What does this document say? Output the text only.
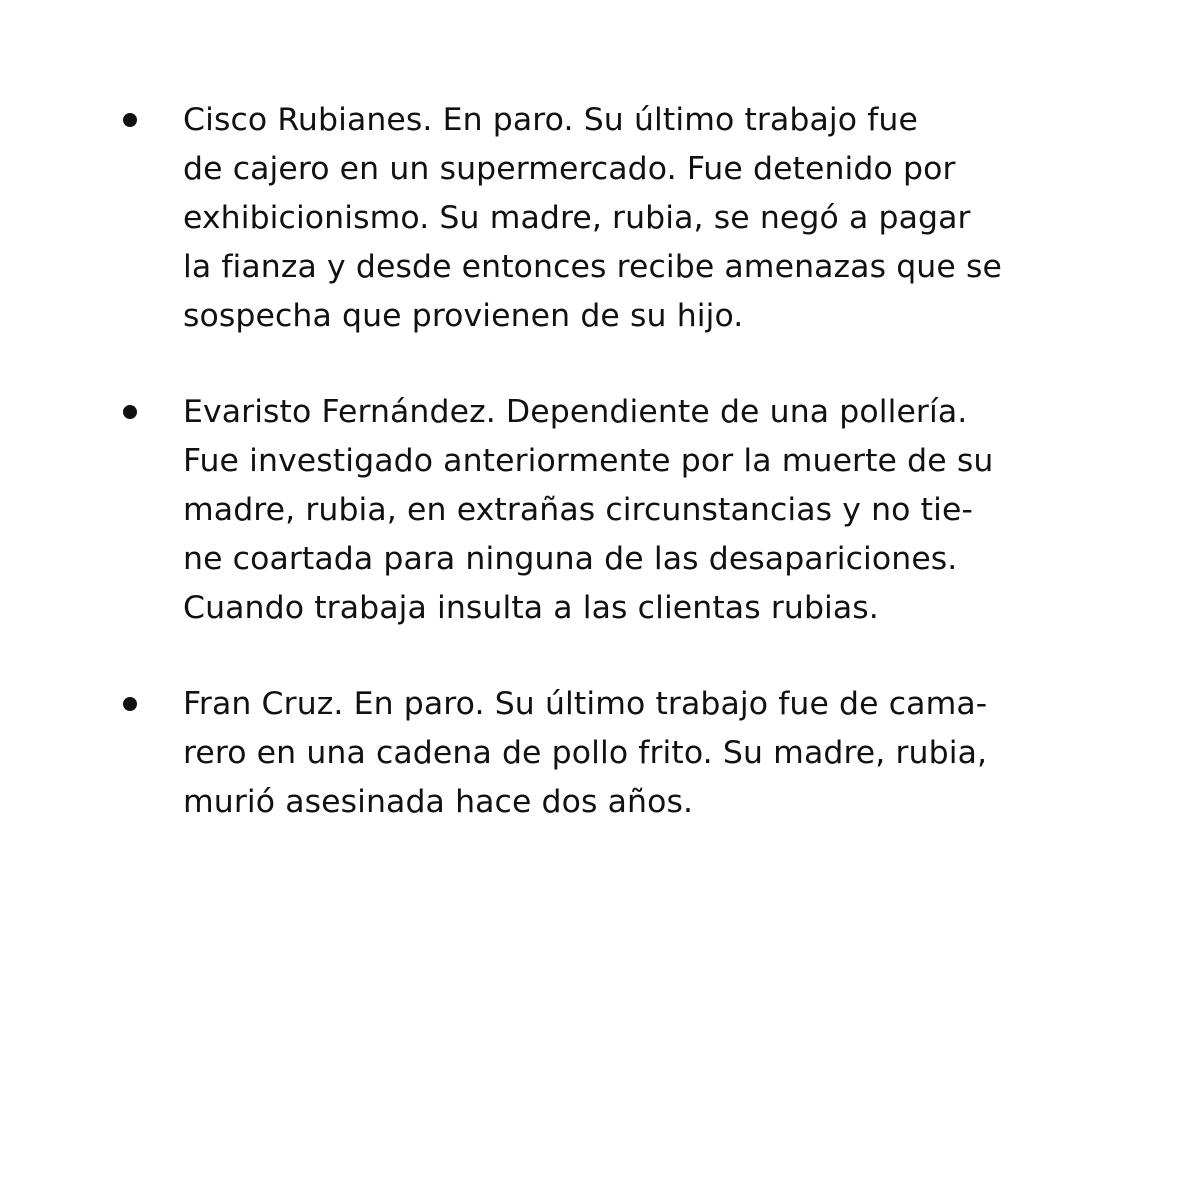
Cisco Rubianes. En paro. Su último trabajo fue
de cajero en un supermercado. Fue detenido por
exhibicionismo. Su madre, rubia, se negó a pagar
la fianza y desde entonces recibe amenazas que se
sospecha que provienen de su hijo.
Evaristo Fernández. Dependiente de una pollería.
Fue investigado anteriormente por la muerte de su
madre, rubia, en extrañas circunstancias y no tie-
ne coartada para ninguna de las desapariciones.
Cuando trabaja insulta a las clientas rubias.
Fran Cruz. En paro. Su último trabajo fue de cama-
rero en una cadena de pollo frito. Su madre, rubia,
murió asesinada hace dos años.
